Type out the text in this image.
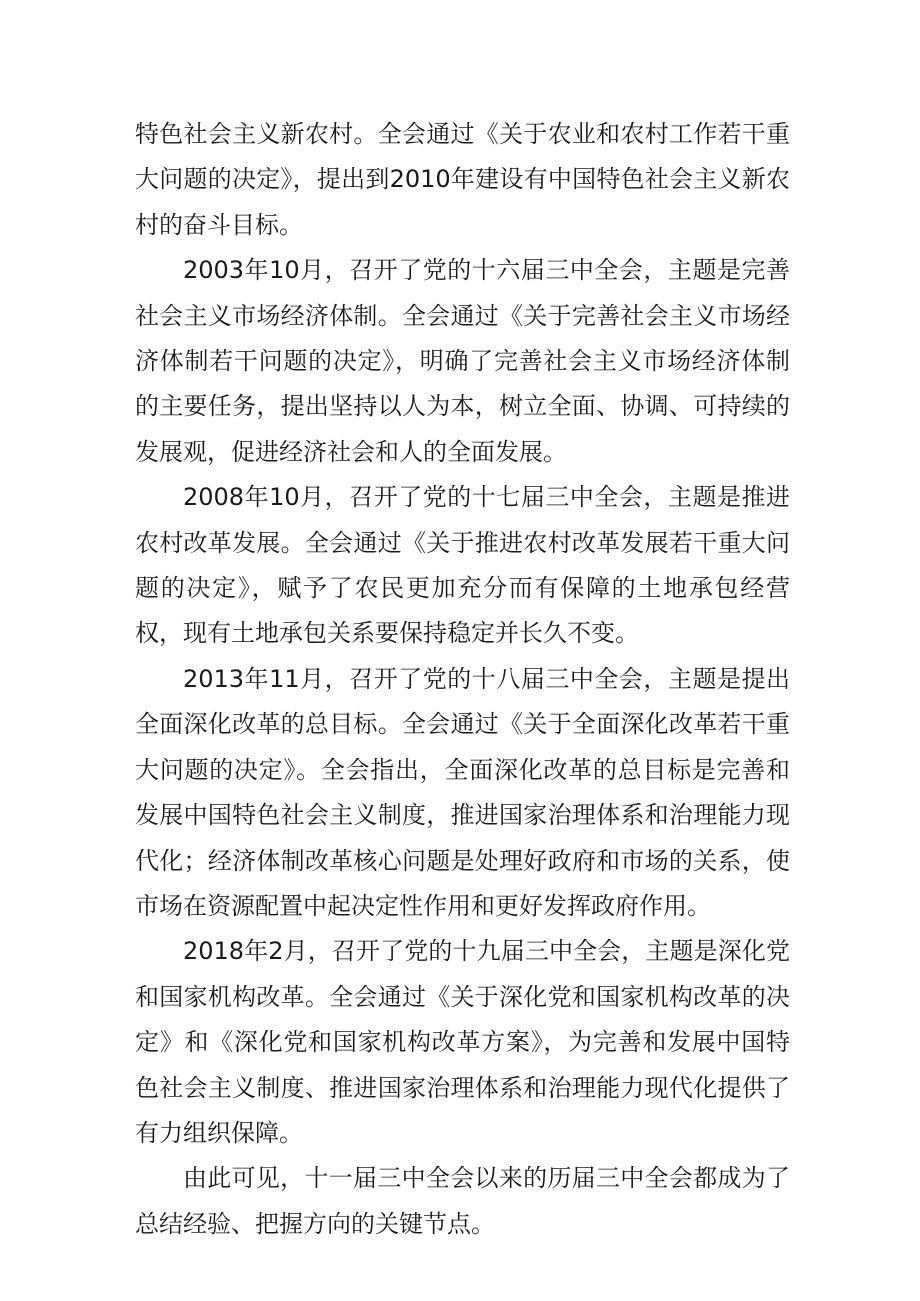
特色社会主义新农村。全会通过《关于农业和农村工作若干重大问题的决定》，提出到2010年建设有中国特色社会主义新农村的奋斗目标。

2003年10月，召开了党的十六届三中全会，主题是完善社会主义市场经济体制。全会通过《关于完善社会主义市场经济体制若干问题的决定》，明确了完善社会主义市场经济体制的主要任务，提出坚持以人为本，树立全面、协调、可持续的发展观，促进经济社会和人的全面发展。

2008年10月，召开了党的十七届三中全会，主题是推进农村改革发展。全会通过《关于推进农村改革发展若干重大问题的决定》，赋予了农民更加充分而有保障的土地承包经营权，现有土地承包关系要保持稳定并长久不变。

2013年11月，召开了党的十八届三中全会，主题是提出全面深化改革的总目标。全会通过《关于全面深化改革若干重大问题的决定》。全会指出，全面深化改革的总目标是完善和发展中国特色社会主义制度，推进国家治理体系和治理能力现代化；经济体制改革核心问题是处理好政府和市场的关系，使市场在资源配置中起决定性作用和更好发挥政府作用。

2018年2月，召开了党的十九届三中全会，主题是深化党和国家机构改革。全会通过《关于深化党和国家机构改革的决定》和《深化党和国家机构改革方案》，为完善和发展中国特色社会主义制度、推进国家治理体系和治理能力现代化提供了有力组织保障。

由此可见，十一届三中全会以来的历届三中全会都成为了总结经验、把握方向的关键节点。
